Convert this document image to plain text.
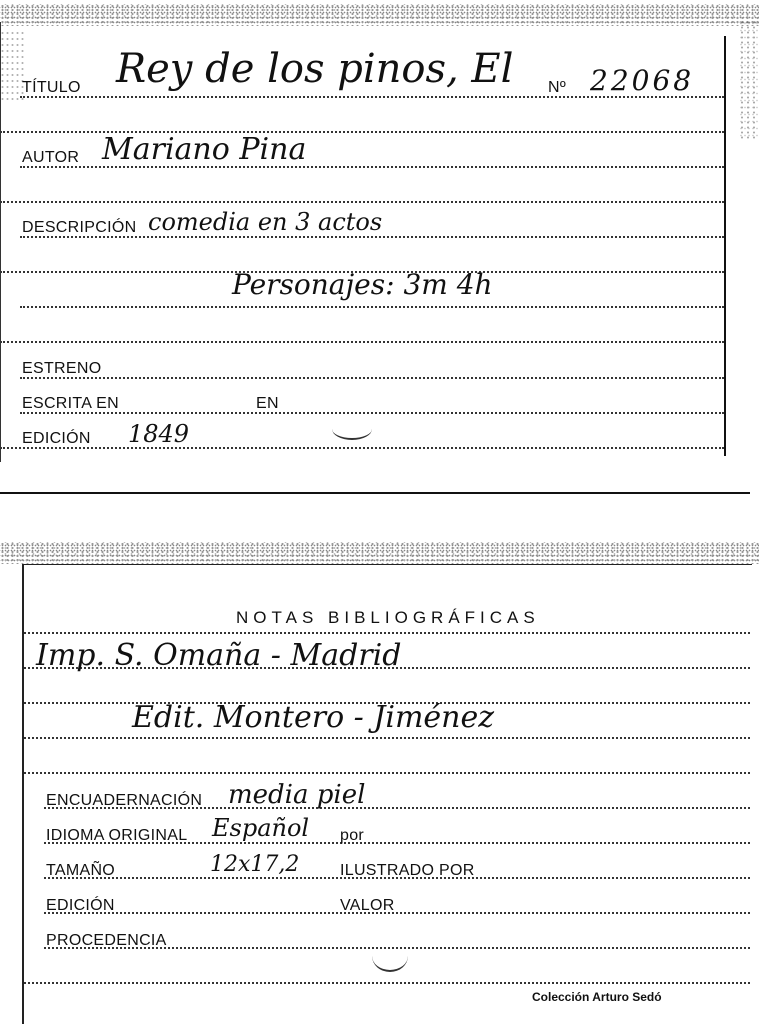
TÍTULO Rey de los pinos, El Nº 22068
AUTOR Mariano Pina
DESCRIPCIÓN comedia en 3 actos
Personajes: 3m 4h
ESTRENO
ESCRITA EN	EN
EDICIÓN 1849
NOTAS BIBLIOGRÁFICAS
Imp. S. Omaña - Madrid
Edit. Montero - Jiménez
ENCUADERNACIÓN media piel
IDIOMA ORIGINAL Español por
TAMAÑO	12x17,2	ILUSTRADO POR
EDICIÓN	VALOR
PROCEDENCIA
Colección Arturo Sedó
